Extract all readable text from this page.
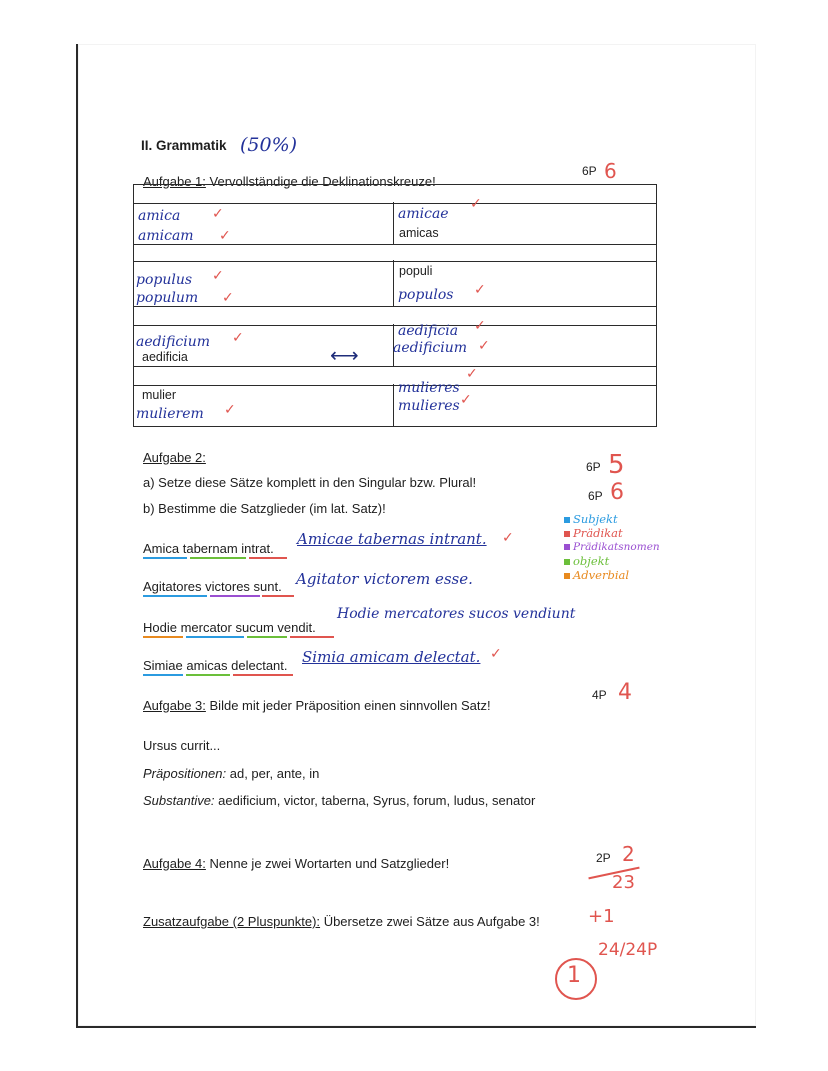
II. Grammatik (50%)
6P 6
Aufgabe 1: Vervollständige die Deklinationskreuze!
amica ✓	amicae
✓
amicam ✓	amicas
populus ✓	populi
populum ✓	populos ✓
aedificium ✓	aedificia ✓
aedificia	⟷ aedificium ✓
mulier	mulieres
✓
mulierem ✓	mulieres ✓
Aufgabe 2:
a) Setze diese Sätze komplett in den Singular bzw. Plural!
6P 5
b) Bestimme die Satzglieder (im lat. Satz)!
6P 6
Subjekt
Prädikat
Prädikatsnomen
objekt
Adverbial
Amica tabernam intrat.
Amicae tabernas intrant. ✓
Agitatores victores sunt. Agitator victorem esse.
Hodie mercator sucum vendit.
Hodie mercatores sucos vendiunt
Simiae amicas delectant. Simia amicam delectat. ✓
Aufgabe 3: Bilde mit jeder Präposition einen sinnvollen Satz!
4P 4
Ursus currit...
Präpositionen: ad, per, ante, in
Substantive: aedificium, victor, taberna, Syrus, forum, ludus, senator
Aufgabe 4: Nenne je zwei Wortarten und Satzglieder!	2P 2
23
Zusatzaufgabe (2 Pluspunkte): Übersetze zwei Sätze aus Aufgabe 3!	+1
24/24P
1
